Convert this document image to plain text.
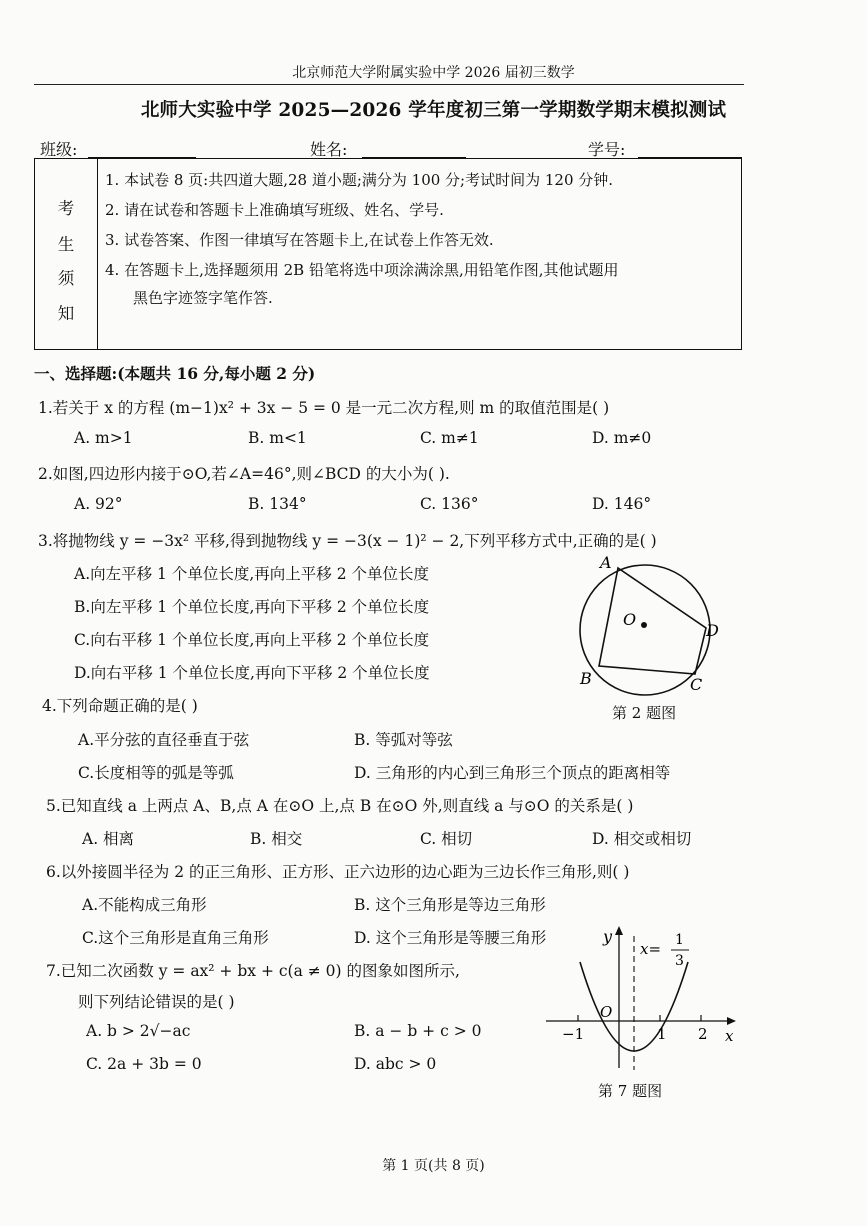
北京师范大学附属实验中学 2026 届初三数学
北师大实验中学 2025—2026 学年度初三第一学期数学期末模拟测试
班级:	姓名:	学号:
考
生
须
知
1. 本试卷 8 页:共四道大题,28 道小题;满分为 100 分;考试时间为 120 分钟.
2. 请在试卷和答题卡上准确填写班级、姓名、学号.
3. 试卷答案、作图一律填写在答题卡上,在试卷上作答无效.
4. 在答题卡上,选择题须用 2B 铅笔将选中项涂满涂黑,用铅笔作图,其他试题用
黑色字迹签字笔作答.
一、选择题:(本题共 16 分,每小题 2 分)
1.若关于 x 的方程 (m−1)x² + 3x − 5 = 0 是一元二次方程,则 m 的取值范围是( )
A. m>1	B. m<1	C. m≠1	D. m≠0
2.如图,四边形内接于⊙O,若∠A=46°,则∠BCD 的大小为( ).
A. 92°	B. 134°	C. 136°	D. 146°
3.将抛物线 y = −3x² 平移,得到抛物线 y = −3(x − 1)² − 2,下列平移方式中,正确的是( )
A.向左平移 1 个单位长度,再向上平移 2 个单位长度
B.向左平移 1 个单位长度,再向下平移 2 个单位长度
C.向右平移 1 个单位长度,再向上平移 2 个单位长度
D.向右平移 1 个单位长度,再向下平移 2 个单位长度
A
O
D
C
B
第 2 题图
4.下列命题正确的是( )
A.平分弦的直径垂直于弦	B. 等弧对等弦
C.长度相等的弧是等弧	D. 三角形的内心到三角形三个顶点的距离相等
5.已知直线 a 上两点 A、B,点 A 在⊙O 上,点 B 在⊙O 外,则直线 a 与⊙O 的关系是( )
A. 相离	B. 相交	C. 相切	D. 相交或相切
6.以外接圆半径为 2 的正三角形、正方形、正六边形的边心距为三边长作三角形,则( )
A.不能构成三角形	B. 这个三角形是等边三角形
C.这个三角形是直角三角形	D. 这个三角形是等腰三角形
7.已知二次函数 y = ax² + bx + c(a ≠ 0) 的图象如图所示,
则下列结论错误的是( )
A. b > 2√−ac	B. a − b + c > 0
C. 2a + 3b = 0	D. abc > 0
y
x
O
−1	1 2
x= 1
3
第 7 题图
第 1 页(共 8 页)
